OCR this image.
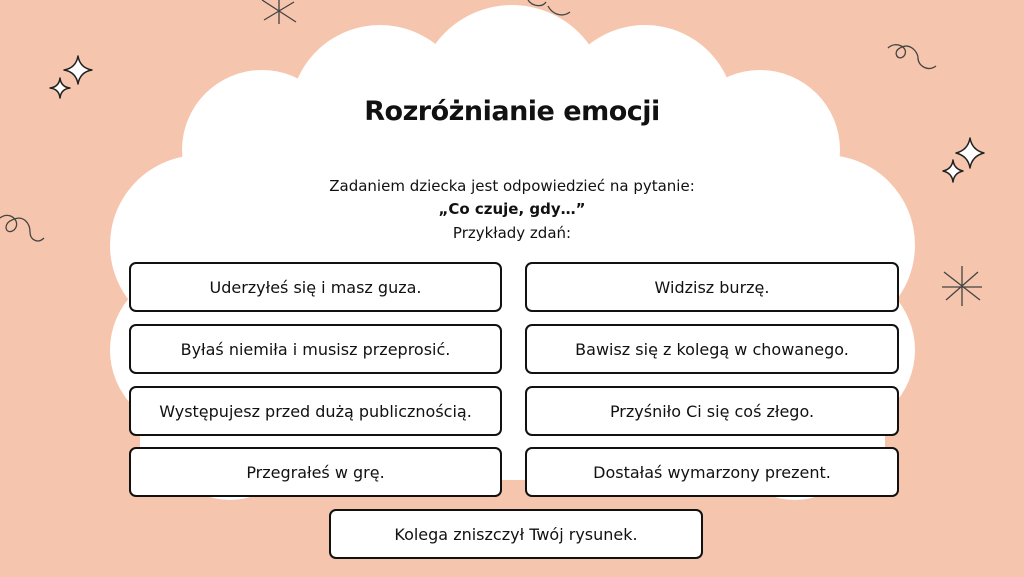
Rozróżnianie emocji
Zadaniem dziecka jest odpowiedzieć na pytanie:
„Co czuje, gdy…”
Przykłady zdań:
Uderzyłeś się i masz guza.
Byłaś niemiła i musisz przeprosić.
Występujesz przed dużą publicznością.
Przegrałeś w grę.
Widzisz burzę.
Bawisz się z kolegą w chowanego.
Przyśniło Ci się coś złego.
Dostałaś wymarzony prezent.
Kolega zniszczył Twój rysunek.
